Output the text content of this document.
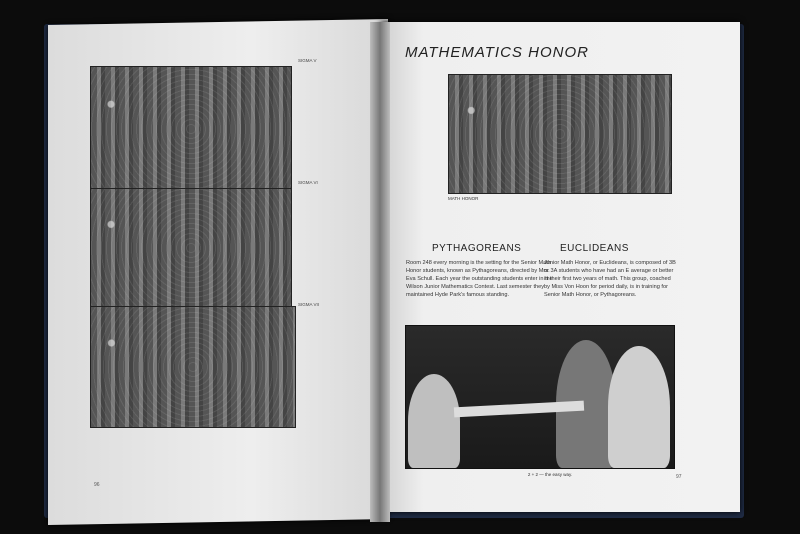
SIGMA V
SIGMA VI
SIGMA VII
MATHEMATICS HONOR
MATH HONOR
PYTHAGOREANS	EUCLIDEANS
Room 248 every morning is the setting for the Senior Math Honor students, known as Pythagoreans, directed by Mrs. Eva Schull. Each year the outstanding students enter in the Wilson Junior Mathematics Contest. Last semester they maintained Hyde Park's famous standing.
Junior Math Honor, or Euclideans, is composed of 3B or 3A students who have had an E average or better in their first two years of math. This group, coached by Miss Von Hoon for period daily, is in training for Senior Math Honor, or Pythagoreans.
2 + 2 — the easy way.
96
97
